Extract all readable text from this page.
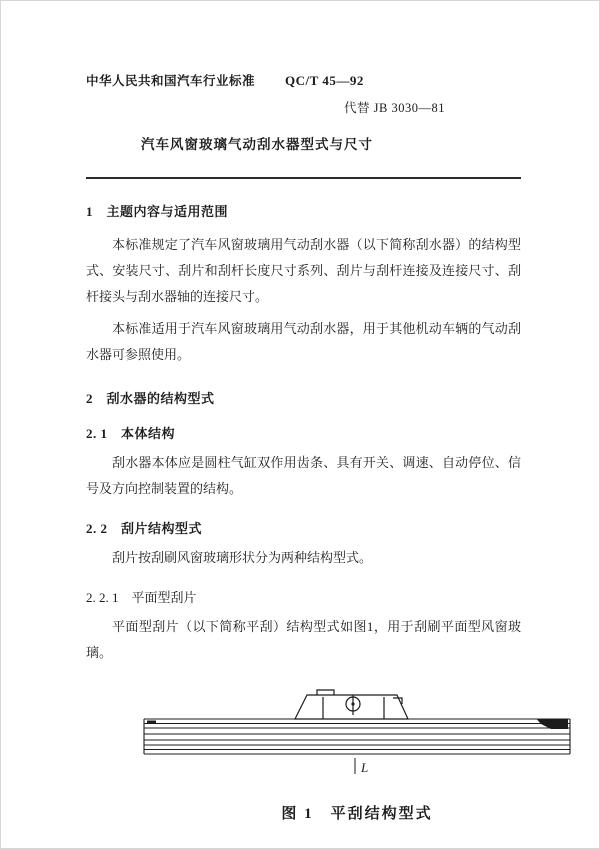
中华人民共和国汽车行业标准 QC/T 45—92
代替 JB 3030—81
汽车风窗玻璃气动刮水器型式与尺寸
1　主题内容与适用范围

本标准规定了汽车风窗玻璃用气动刮水器（以下简称刮水器）的结构型式、安装尺寸、刮片和刮杆长度尺寸系列、刮片与刮杆连接及连接尺寸、刮杆接头与刮水器轴的连接尺寸。

本标准适用于汽车风窗玻璃用气动刮水器，用于其他机动车辆的气动刮水器可参照使用。

2　刮水器的结构型式
2. 1　本体结构

刮水器本体应是圆柱气缸双作用齿条、具有开关、调速、自动停位、信号及方向控制装置的结构。

2. 2　刮片结构型式

刮片按刮刷风窗玻璃形状分为两种结构型式。

2. 2. 1　平面型刮片

平面型刮片（以下简称平刮）结构型式如图1，用于刮刷平面型风窗玻璃。

L
图 1　平刮结构型式
